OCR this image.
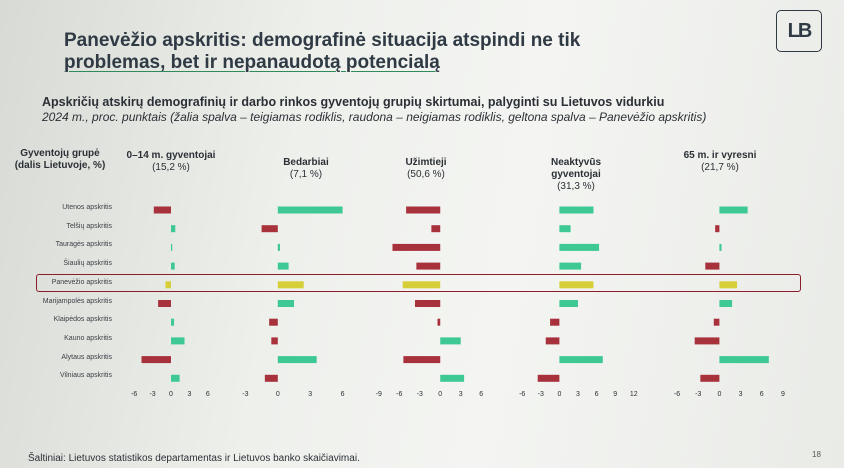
Panevėžio apskritis: demografinė situacija atspindi ne tik
problemas, bet ir nepanaudotą potencialą
LB
Apskričių atskirų demografinių ir darbo rinkos gyventojų grupių skirtumai, palyginti su Lietuvos vidurkiu
2024 m., proc. punktais (žalia spalva – teigiamas rodiklis, raudona – neigiamas rodiklis, geltona spalva – Panevėžio apskritis)
Gyventojų grupė
(dalis Lietuvoje, %)
0–14 m. gyventojai
(15,2 %)	Bedarbiai
(7,1 %)
Užimtieji
(50,6 %)
Neaktyvūs gyventojai
(31,3 %)
65 m. ir vyresni
(21,7 %)
Utenos apskritis
Telšių apskritis
Tauragės apskritis
Šiaulių apskritis
Panevėžio apskritis
Marijampolės apskritis
Klaipėdos apskritis
Kauno apskritis
Alytaus apskritis
Vilniaus apskritis
-6 -3 0 3 6	-3	0	3	6	-9 -6 -3 0 3 6	-6 -3 0 3 6 9 12	-6 -3 0 3 6 9
Šaltiniai: Lietuvos statistikos departamentas ir Lietuvos banko skaičiavimai.	18
